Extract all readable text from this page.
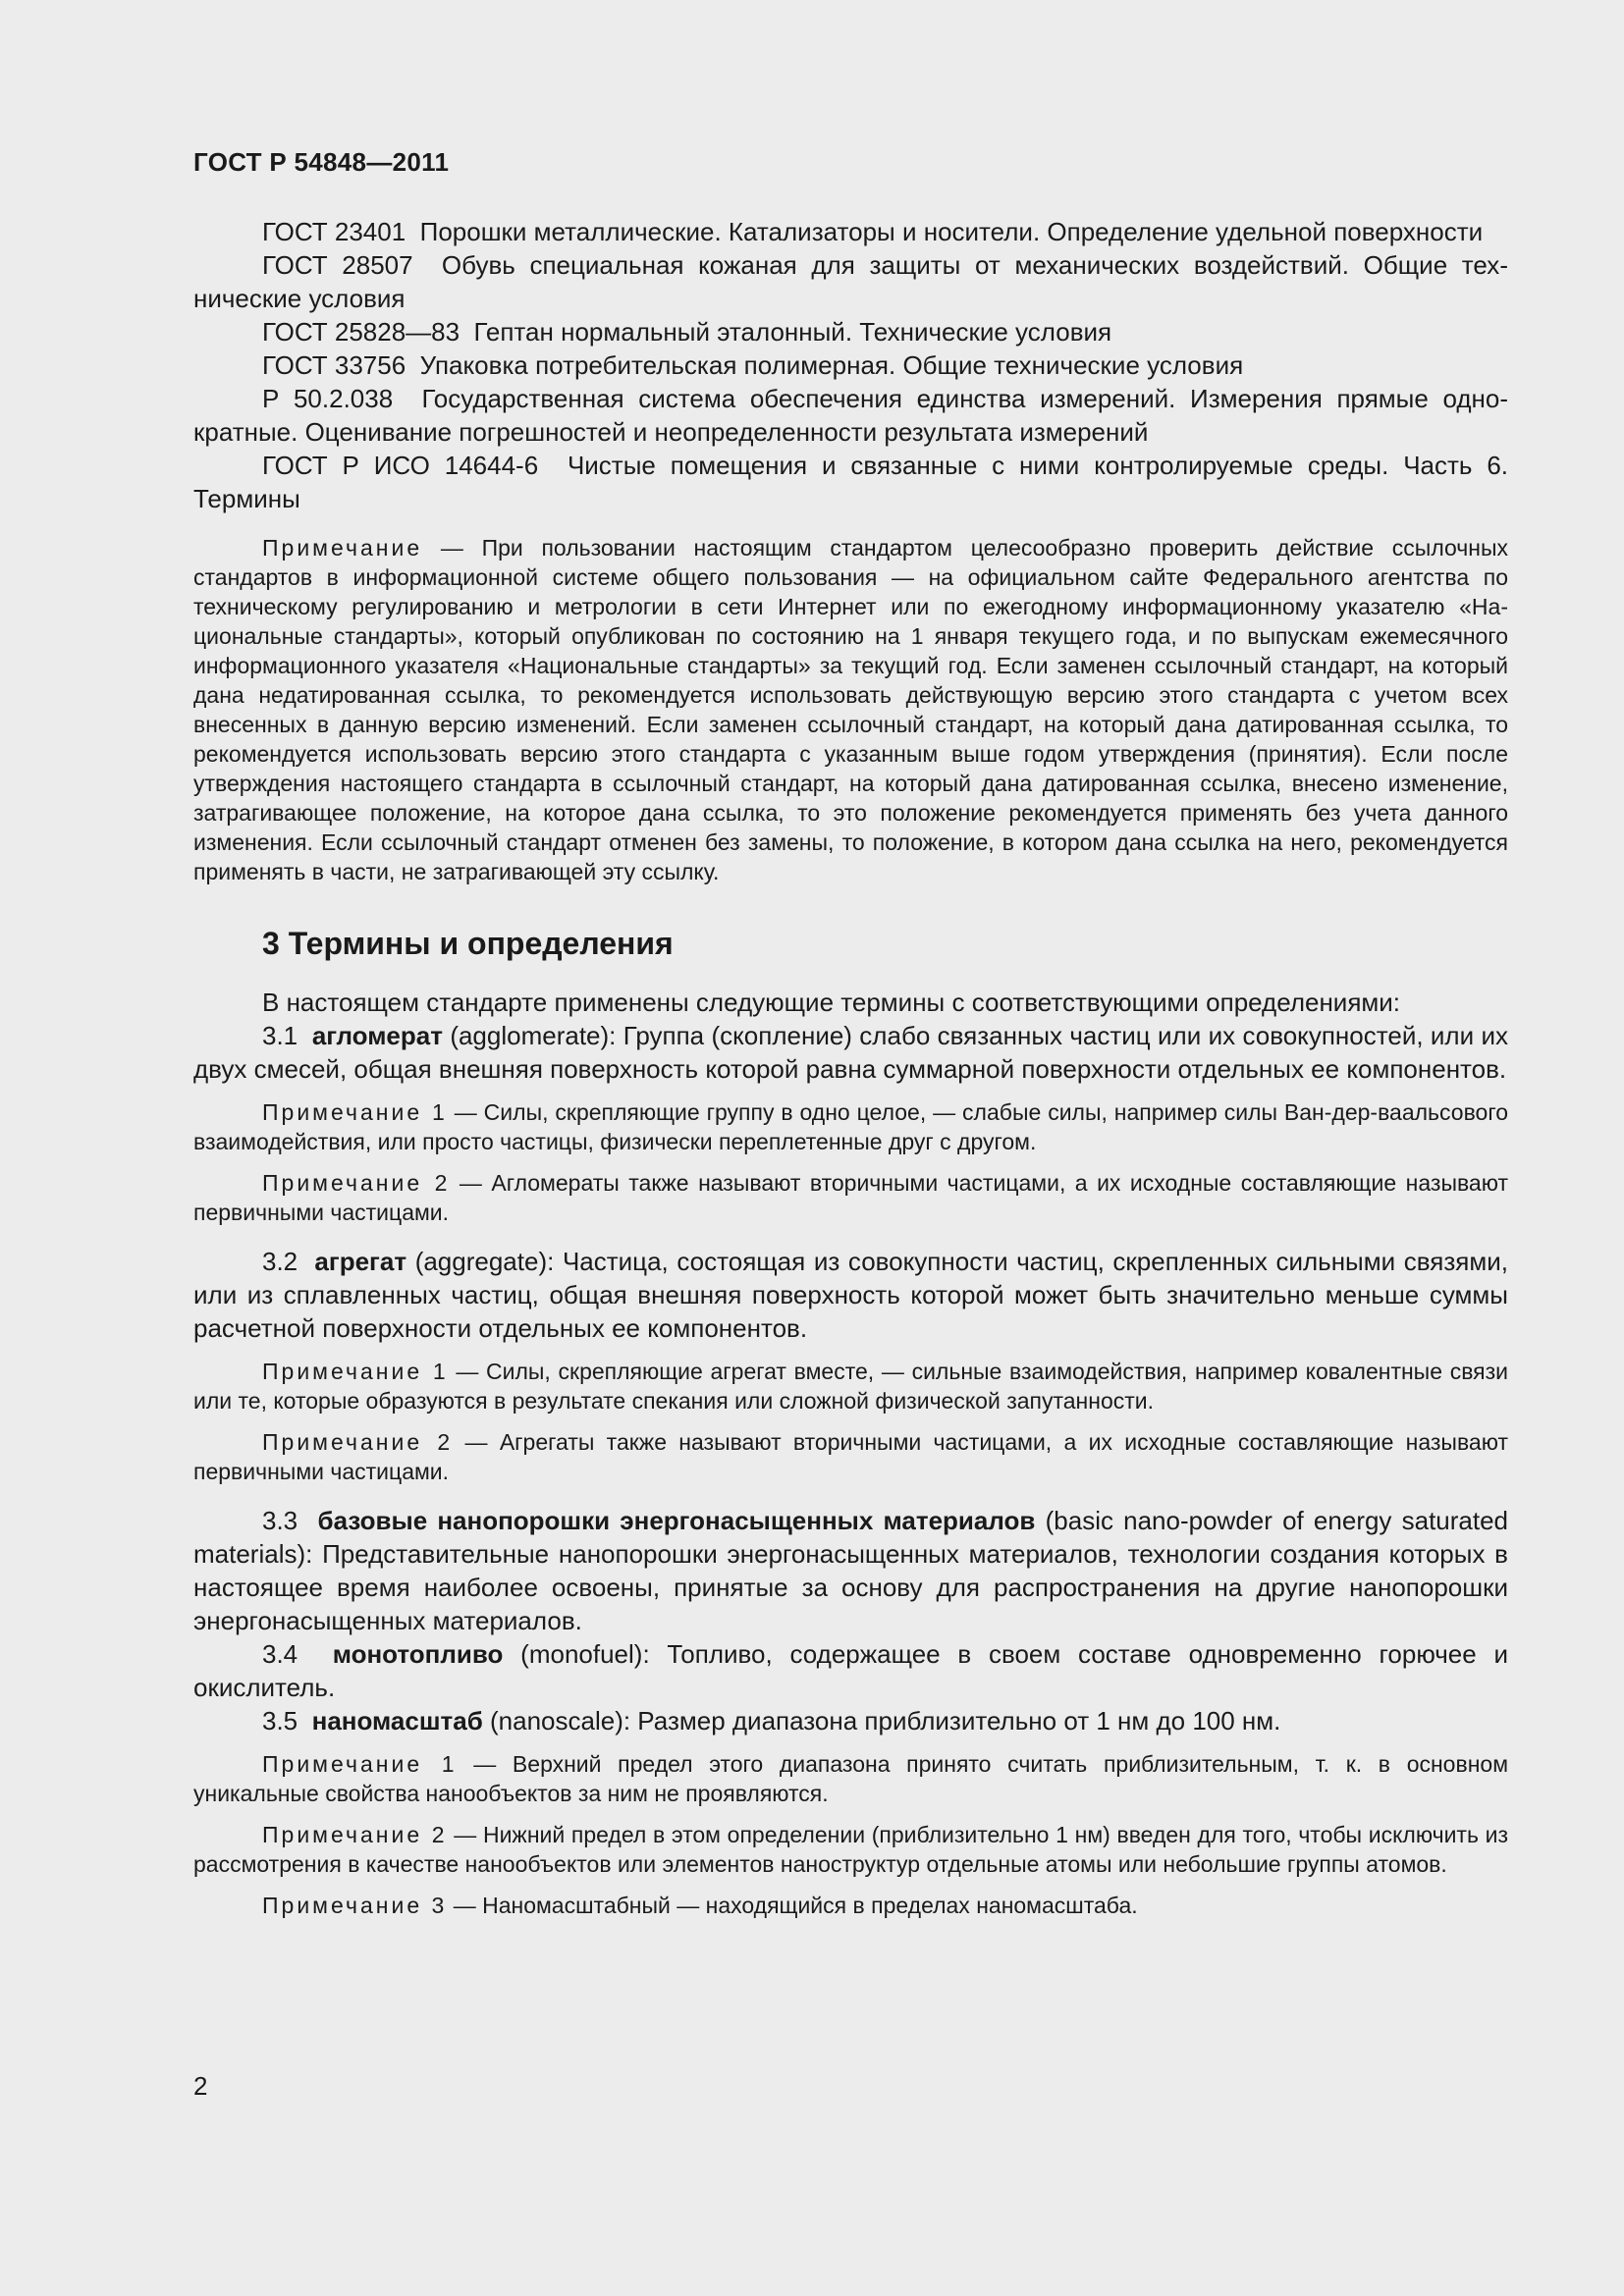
ГОСТ Р 54848—2011

ГОСТ 23401 Порошки металлические. Катализаторы и носители. Определение удельной поверхности

ГОСТ 28507 Обувь специальная кожаная для защиты от механических воздействий. Общие технические условия

ГОСТ 25828—83 Гептан нормальный эталонный. Технические условия

ГОСТ 33756 Упаковка потребительская полимерная. Общие технические условия

Р 50.2.038 Государственная система обеспечения единства измерений. Измерения прямые однократные. Оценивание погрешностей и неопределенности результата измерений

ГОСТ Р ИСО 14644-6 Чистые помещения и связанные с ними контролируемые среды. Часть 6. Термины

Примечание — При пользовании настоящим стандартом целесообразно проверить действие ссылочных стандартов в информационной системе общего пользования — на официальном сайте Федерального агентства по техническому регулированию и метрологии в сети Интернет или по ежегодному информационному указателю «Национальные стандарты», который опубликован по состоянию на 1 января текущего года, и по выпускам ежемесячного информационного указателя «Национальные стандарты» за текущий год. Если заменен ссылочный стандарт, на который дана недатированная ссылка, то рекомендуется использовать действующую версию этого стандарта с учетом всех внесенных в данную версию изменений. Если заменен ссылочный стандарт, на который дана датированная ссылка, то рекомендуется использовать версию этого стандарта с указанным выше годом утверждения (принятия). Если после утверждения настоящего стандарта в ссылочный стандарт, на который дана датированная ссылка, внесено изменение, затрагивающее положение, на которое дана ссылка, то это положение рекомендуется применять без учета данного изменения. Если ссылочный стандарт отменен без замены, то положение, в котором дана ссылка на него, рекомендуется применять в части, не затрагивающей эту ссылку.

3 Термины и определения

В настоящем стандарте применены следующие термины с соответствующими определениями:

3.1 агломерат (agglomerate): Группа (скопление) слабо связанных частиц или их совокупностей, или их двух смесей, общая внешняя поверхность которой равна суммарной поверхности отдельных ее компонентов.

Примечание 1 — Силы, скрепляющие группу в одно целое, — слабые силы, например силы Ван-дер-ваальсового взаимодействия, или просто частицы, физически переплетенные друг с другом.

Примечание 2 — Агломераты также называют вторичными частицами, а их исходные составляющие называют первичными частицами.

3.2 агрегат (aggregate): Частица, состоящая из совокупности частиц, скрепленных сильными связями, или из сплавленных частиц, общая внешняя поверхность которой может быть значительно меньше суммы расчетной поверхности отдельных ее компонентов.

Примечание 1 — Силы, скрепляющие агрегат вместе, — сильные взаимодействия, например ковалентные связи или те, которые образуются в результате спекания или сложной физической запутанности.

Примечание 2 — Агрегаты также называют вторичными частицами, а их исходные составляющие называют первичными частицами.

3.3 базовые нанопорошки энергонасыщенных материалов (basic nano-powder of energy saturated materials): Представительные нанопорошки энергонасыщенных материалов, технологии создания которых в настоящее время наиболее освоены, принятые за основу для распространения на другие нанопорошки энергонасыщенных материалов.

3.4 монотопливо (monofuel): Топливо, содержащее в своем составе одновременно горючее и окислитель.

3.5 наномасштаб (nanoscale): Размер диапазона приблизительно от 1 нм до 100 нм.

Примечание 1 — Верхний предел этого диапазона принято считать приблизительным, т. к. в основном уникальные свойства нанообъектов за ним не проявляются.

Примечание 2 — Нижний предел в этом определении (приблизительно 1 нм) введен для того, чтобы исключить из рассмотрения в качестве нанообъектов или элементов наноструктур отдельные атомы или небольшие группы атомов.

Примечание 3 — Наномасштабный — находящийся в пределах наномасштаба.

2
